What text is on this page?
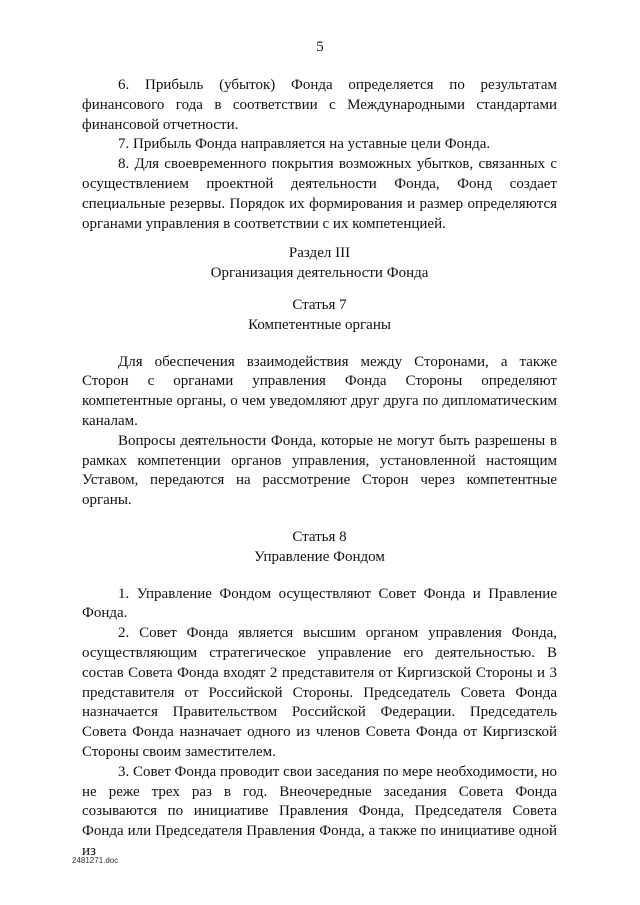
5

6. Прибыль (убыток) Фонда определяется по результатам финансового года в соответствии с Международными стандартами финансовой отчетности.

7. Прибыль Фонда направляется на уставные цели Фонда.

8. Для своевременного покрытия возможных убытков, связанных с осуществлением проектной деятельности Фонда, Фонд создает специальные резервы. Порядок их формирования и размер определяются органами управления в соответствии с их компетенцией.

Раздел III

Организация деятельности Фонда

Статья 7

Компетентные органы

Для обеспечения взаимодействия между Сторонами, а также Сторон с органами управления Фонда Стороны определяют компетентные органы, о чем уведомляют друг друга по дипломатическим каналам.

Вопросы деятельности Фонда, которые не могут быть разрешены в рамках компетенции органов управления, установленной настоящим Уставом, передаются на рассмотрение Сторон через компетентные органы.

Статья 8

Управление Фондом

1. Управление Фондом осуществляют Совет Фонда и Правление Фонда.

2. Совет Фонда является высшим органом управления Фонда, осуществляющим стратегическое управление его деятельностью. В состав Совета Фонда входят 2 представителя от Киргизской Стороны и 3 представителя от Российской Стороны. Председатель Совета Фонда назначается Правительством Российской Федерации. Председатель Совета Фонда назначает одного из членов Совета Фонда от Киргизской Стороны своим заместителем.

3. Совет Фонда проводит свои заседания по мере необходимости, но не реже трех раз в год. Внеочередные заседания Совета Фонда созываются по инициативе Правления Фонда, Председателя Совета Фонда или Председателя Правления Фонда, а также по инициативе одной из

2481271.doc
